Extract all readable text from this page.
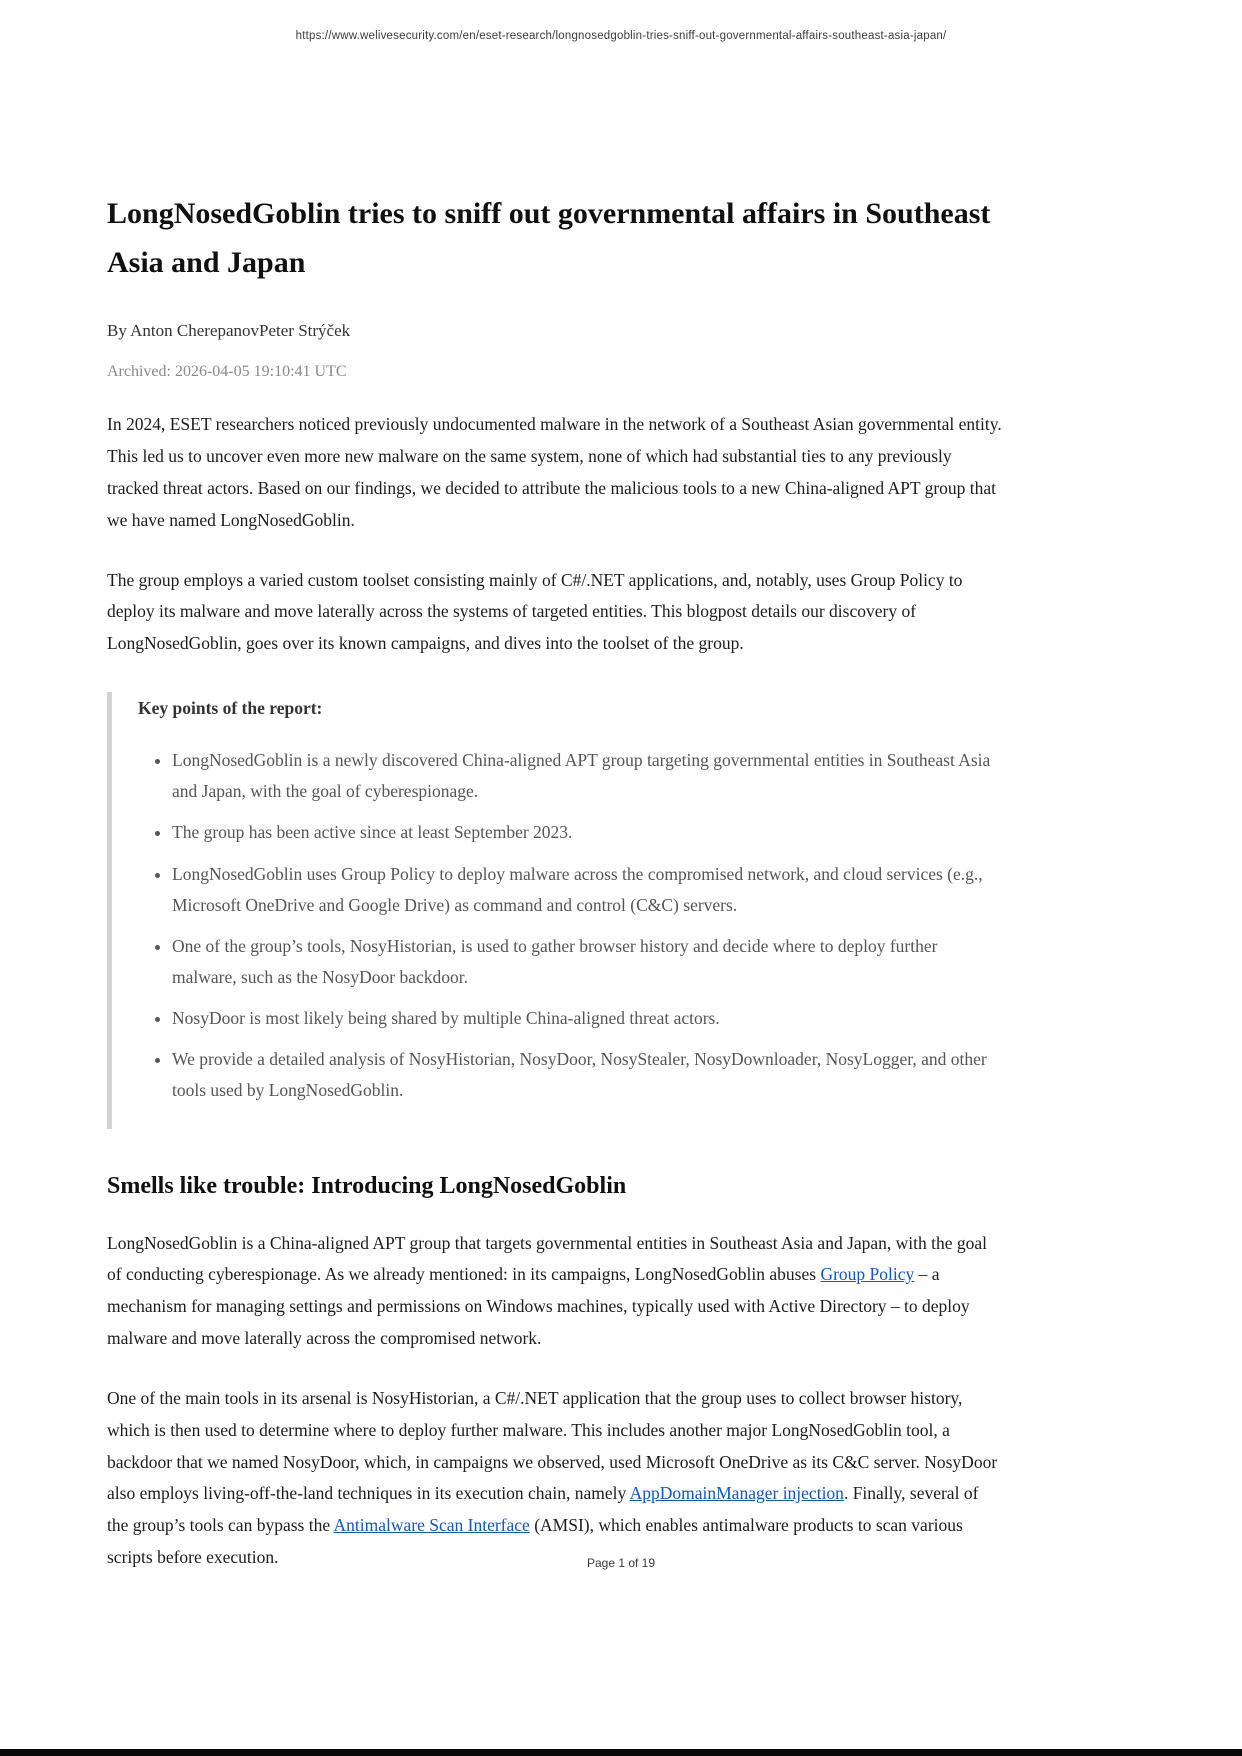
https://www.welivesecurity.com/en/eset-research/longnosedgoblin-tries-sniff-out-governmental-affairs-southeast-asia-japan/
LongNosedGoblin tries to sniff out governmental affairs in Southeast Asia and Japan

By Anton CherepanovPeter Strýček

Archived: 2026-04-05 19:10:41 UTC

In 2024, ESET researchers noticed previously undocumented malware in the network of a Southeast Asian governmental entity. This led us to uncover even more new malware on the same system, none of which had substantial ties to any previously tracked threat actors. Based on our findings, we decided to attribute the malicious tools to a new China-aligned APT group that we have named LongNosedGoblin.

The group employs a varied custom toolset consisting mainly of C#/.NET applications, and, notably, uses Group Policy to deploy its malware and move laterally across the systems of targeted entities. This blogpost details our discovery of LongNosedGoblin, goes over its known campaigns, and dives into the toolset of the group.

Key points of the report:

• LongNosedGoblin is a newly discovered China-aligned APT group targeting governmental entities in Southeast Asia and Japan, with the goal of cyberespionage.
• The group has been active since at least September 2023.
• LongNosedGoblin uses Group Policy to deploy malware across the compromised network, and cloud services (e.g., Microsoft OneDrive and Google Drive) as command and control (C&C) servers.
• One of the group’s tools, NosyHistorian, is used to gather browser history and decide where to deploy further malware, such as the NosyDoor backdoor.
• NosyDoor is most likely being shared by multiple China-aligned threat actors.
• We provide a detailed analysis of NosyHistorian, NosyDoor, NosyStealer, NosyDownloader, NosyLogger, and other tools used by LongNosedGoblin.
Smells like trouble: Introducing LongNosedGoblin

LongNosedGoblin is a China-aligned APT group that targets governmental entities in Southeast Asia and Japan, with the goal of conducting cyberespionage. As we already mentioned: in its campaigns, LongNosedGoblin abuses Group Policy – a mechanism for managing settings and permissions on Windows machines, typically used with Active Directory – to deploy malware and move laterally across the compromised network.

One of the main tools in its arsenal is NosyHistorian, a C#/.NET application that the group uses to collect browser history, which is then used to determine where to deploy further malware. This includes another major LongNosedGoblin tool, a backdoor that we named NosyDoor, which, in campaigns we observed, used Microsoft OneDrive as its C&C server. NosyDoor also employs living-off-the-land techniques in its execution chain, namely AppDomainManager injection. Finally, several of the group’s tools can bypass the Antimalware Scan Interface (AMSI), which enables antimalware products to scan various scripts before execution.	Page 1 of 19
